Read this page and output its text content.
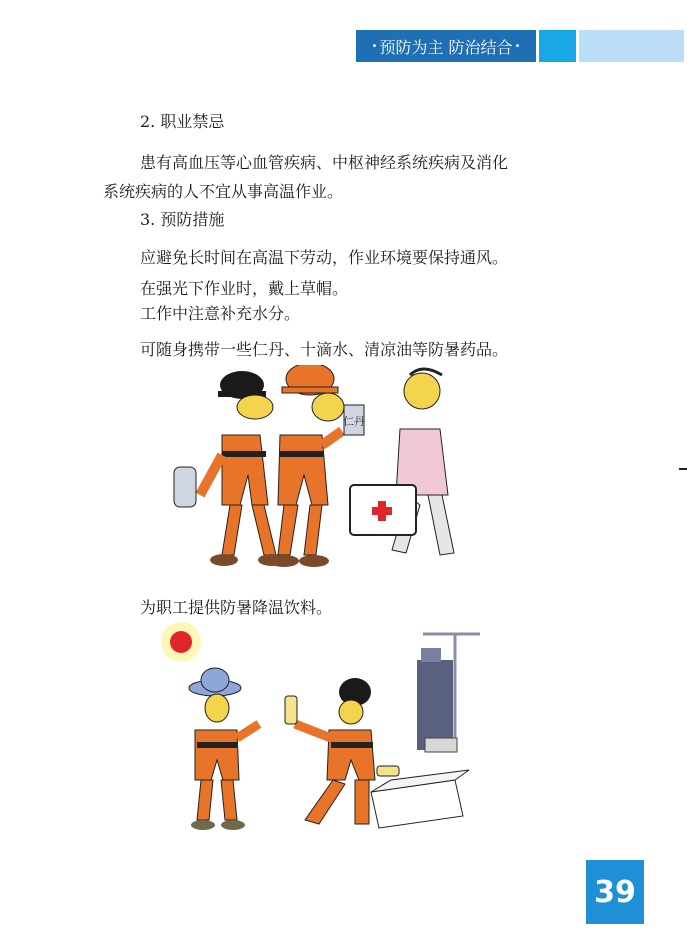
• 预防为主 防治结合 •
2. 职业禁忌
患有高血压等心血管疾病、中枢神经系统疾病及消化
系统疾病的人不宜从事高温作业。
3. 预防措施
应避免长时间在高温下劳动，作业环境要保持通风。
在强光下作业时，戴上草帽。
工作中注意补充水分。
可随身携带一些仁丹、十滴水、清凉油等防暑药品。
仁丹
为职工提供防暑降温饮料。
39
